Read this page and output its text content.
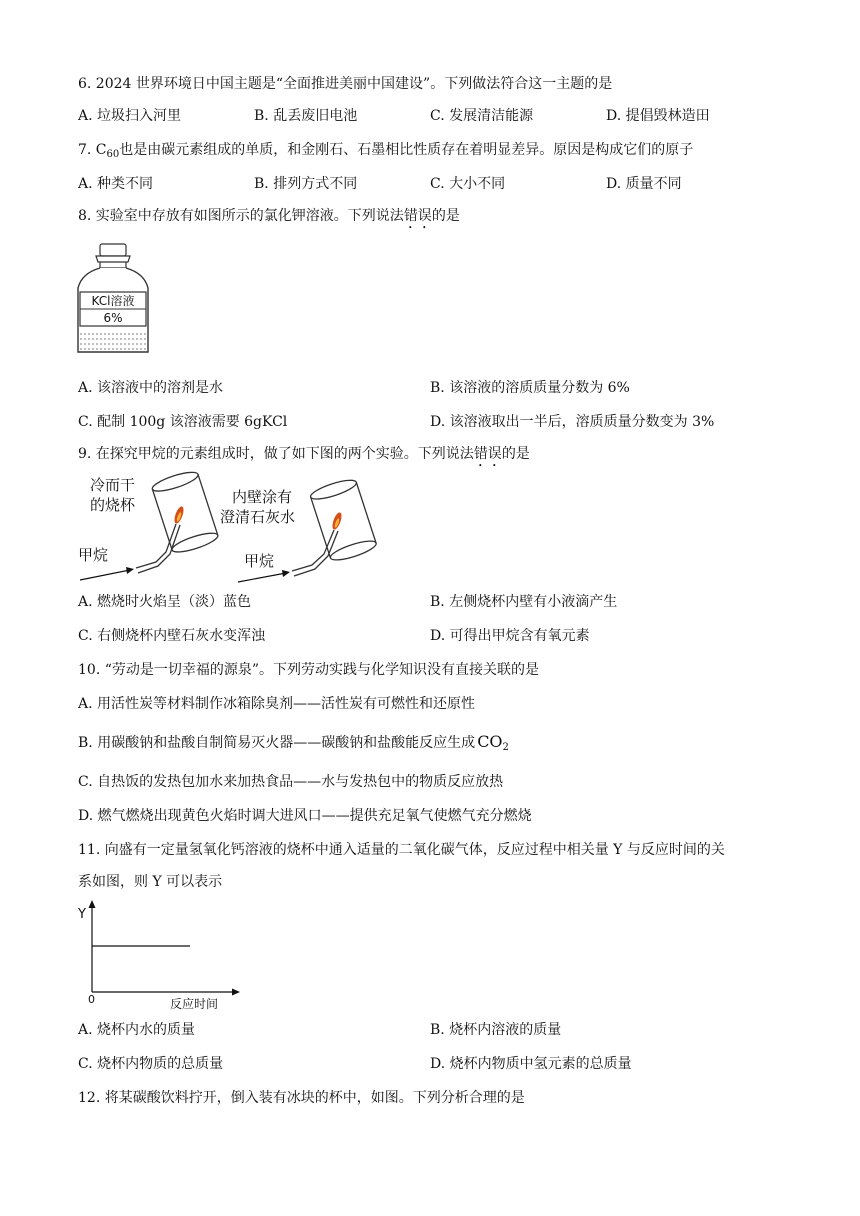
6. 2024 世界环境日中国主题是“全面推进美丽中国建设”。下列做法符合这一主题的是
A. 垃圾扫入河里	B. 乱丢废旧电池	C. 发展清洁能源	D. 提倡毁林造田
7. $C_{60}$也是由碳元素组成的单质，和金刚石、石墨相比性质存在着明显差异。原因是构成它们的原子
A. 种类不同	B. 排列方式不同	C. 大小不同	D. 质量不同
8. 实验室中存放有如图所示的氯化钾溶液。下列说法错误的是
KCl溶液
6%
A. 该溶液中的溶剂是水	B. 该溶液的溶质质量分数为 6%
C. 配制 100g 该溶液需要 6gKCl	D. 该溶液取出一半后，溶质质量分数变为 3%
9. 在探究甲烷的元素组成时，做了如下图的两个实验。下列说法错误的是
冷而干
的烧杯
甲烷
内壁涂有
澄清石灰水
甲烷
A. 燃烧时火焰呈（淡）蓝色	B. 左侧烧杯内壁有小液滴产生
C. 右侧烧杯内壁石灰水变浑浊	D. 可得出甲烷含有氧元素
10. “劳动是一切幸福的源泉”。下列劳动实践与化学知识没有直接关联的是
A. 用活性炭等材料制作冰箱除臭剂——活性炭有可燃性和还原性
B. 用碳酸钠和盐酸自制简易灭火器——碳酸钠和盐酸能反应生成 $CO_2$
C. 自热饭的发热包加水来加热食品——水与发热包中的物质反应放热
D. 燃气燃烧出现黄色火焰时调大进风口——提供充足氧气使燃气充分燃烧
11. 向盛有一定量氢氧化钙溶液的烧杯中通入适量的二氧化碳气体，反应过程中相关量 Y 与反应时间的关
系如图，则 Y 可以表示
Y
0	反应时间
A. 烧杯内水的质量	B. 烧杯内溶液的质量
C. 烧杯内物质的总质量	D. 烧杯内物质中氢元素的总质量
12. 将某碳酸饮料拧开，倒入装有冰块的杯中，如图。下列分析合理的是
